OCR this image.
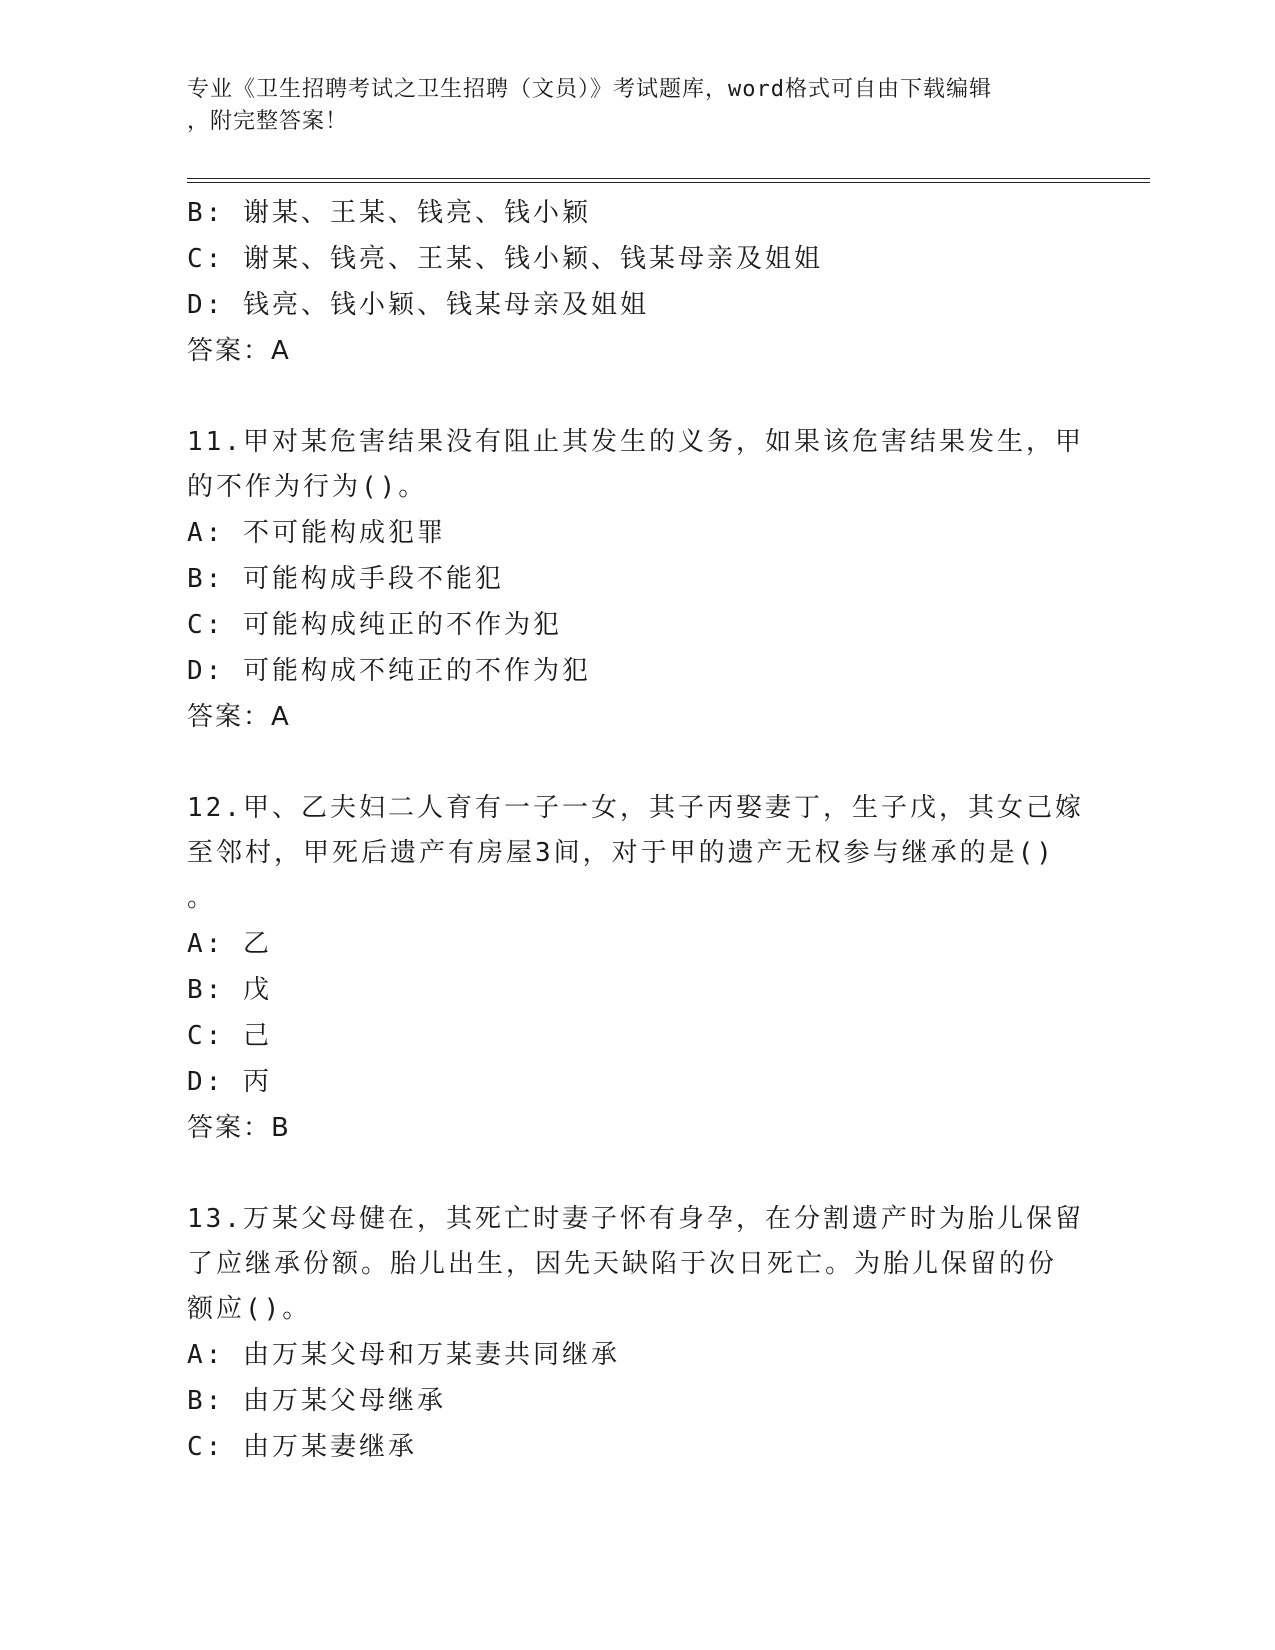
专业《卫生招聘考试之卫生招聘（文员）》考试题库，word格式可自由下载编辑
，附完整答案！
B: 谢某、王某、钱亮、钱小颖
C: 谢某、钱亮、王某、钱小颖、钱某母亲及姐姐
D: 钱亮、钱小颖、钱某母亲及姐姐
答案：A
11.甲对某危害结果没有阻止其发生的义务，如果该危害结果发生，甲
的不作为行为()。
A: 不可能构成犯罪
B: 可能构成手段不能犯
C: 可能构成纯正的不作为犯
D: 可能构成不纯正的不作为犯
答案：A
12.甲、乙夫妇二人育有一子一女，其子丙娶妻丁，生子戊，其女己嫁
至邻村，甲死后遗产有房屋3间，对于甲的遗产无权参与继承的是()
。
A: 乙
B: 戊
C: 己
D: 丙
答案：B
13.万某父母健在，其死亡时妻子怀有身孕，在分割遗产时为胎儿保留
了应继承份额。胎儿出生，因先天缺陷于次日死亡。为胎儿保留的份
额应()。
A: 由万某父母和万某妻共同继承
B: 由万某父母继承
C: 由万某妻继承
